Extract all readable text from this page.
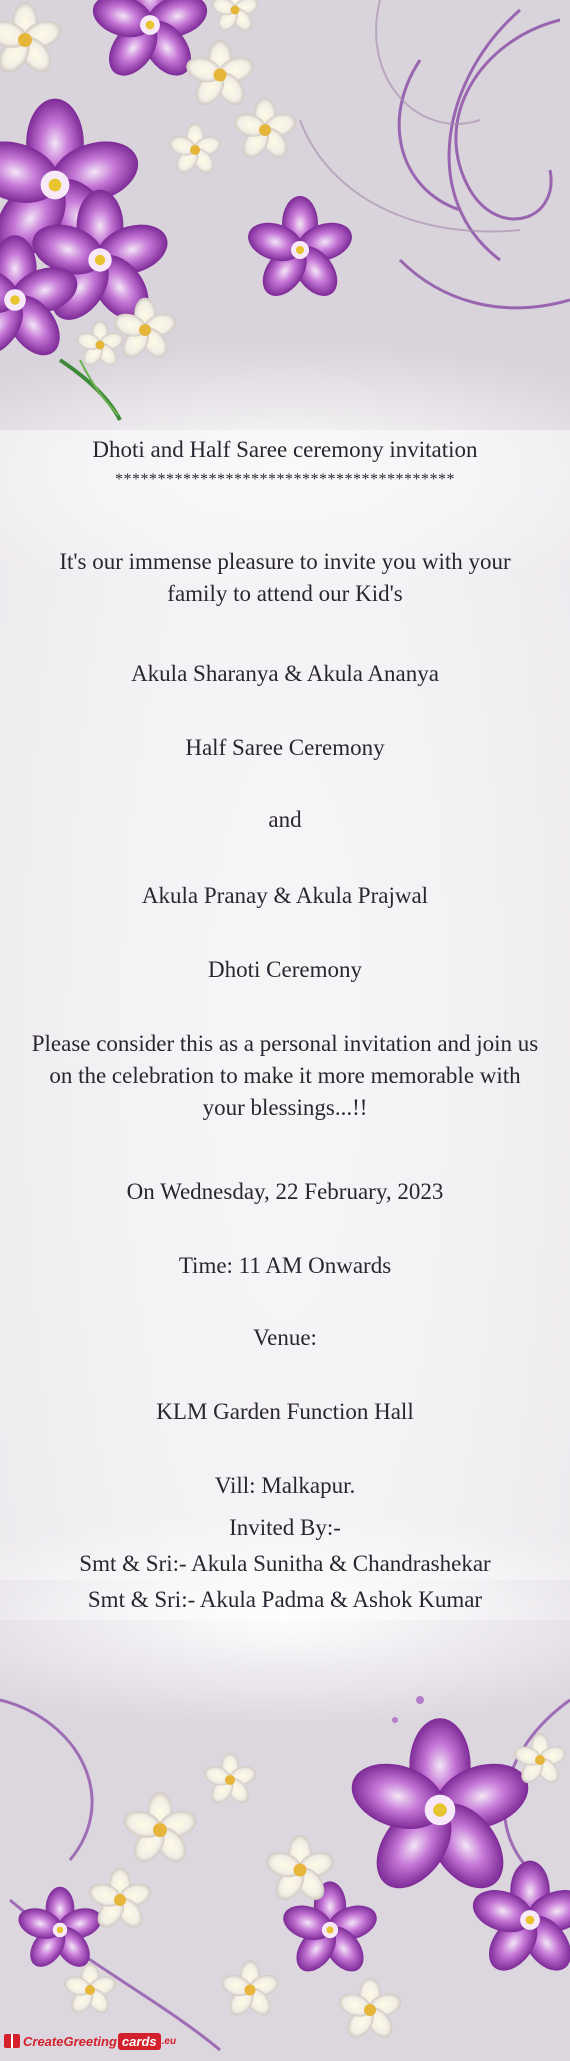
Dhoti and Half Saree ceremony invitation
****************************************
It's our immense pleasure to invite you with your family to attend our Kid's
Akula Sharanya & Akula Ananya
Half Saree Ceremony
and
Akula Pranay & Akula Prajwal
Dhoti Ceremony
Please consider this as a personal invitation and join us on the celebration to make it more memorable with your blessings...!!
On Wednesday, 22 February, 2023
Time: 11 AM Onwards
Venue:
KLM Garden Function Hall
Vill: Malkapur.
Invited By:-
Smt & Sri:- Akula Sunitha & Chandrashekar
Smt & Sri:- Akula Padma & Ashok Kumar
CreateGreeting cards .eu
